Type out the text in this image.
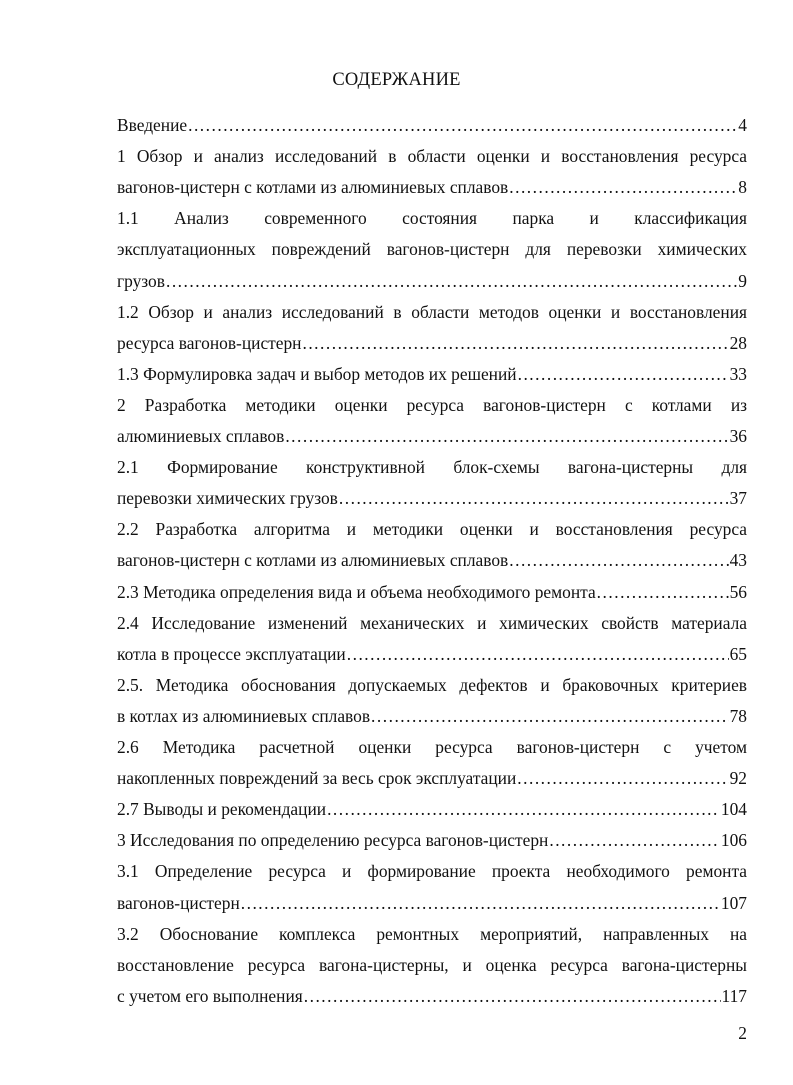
СОДЕРЖАНИЕ
Введение .....	4
1 Обзор и анализ исследований в области оценки и восстановления ресурса
вагонов-цистерн с котлами из алюминиевых сплавов .....	8
1.1 Анализ современного состояния парка и классификация
эксплуатационных повреждений вагонов-цистерн для перевозки химических
грузов .....	9
1.2 Обзор и анализ исследований в области методов оценки и восстановления
ресурса вагонов-цистерн .....	28
1.3 Формулировка задач и выбор методов их решений .....	33
2 Разработка методики оценки ресурса вагонов-цистерн с котлами из
алюминиевых сплавов .....	36
2.1 Формирование конструктивной блок-схемы вагона-цистерны для
перевозки химических грузов .....	37
2.2 Разработка алгоритма и методики оценки и восстановления ресурса
вагонов-цистерн с котлами из алюминиевых сплавов .....	43
2.3 Методика определения вида и объема необходимого ремонта .....	56
2.4 Исследование изменений механических и химических свойств материала
котла в процессе эксплуатации .....	65
2.5. Методика обоснования допускаемых дефектов и браковочных критериев
в котлах из алюминиевых сплавов .....	78
2.6 Методика расчетной оценки ресурса вагонов-цистерн с учетом
накопленных повреждений за весь срок эксплуатации .....	92
2.7 Выводы и рекомендации .....	104
3 Исследования по определению ресурса вагонов-цистерн .....	106
3.1 Определение ресурса и формирование проекта необходимого ремонта
вагонов-цистерн .....	107
3.2 Обоснование комплекса ремонтных мероприятий, направленных на
восстановление ресурса вагона-цистерны, и оценка ресурса вагона-цистерны
с учетом его выполнения .....	117
2
